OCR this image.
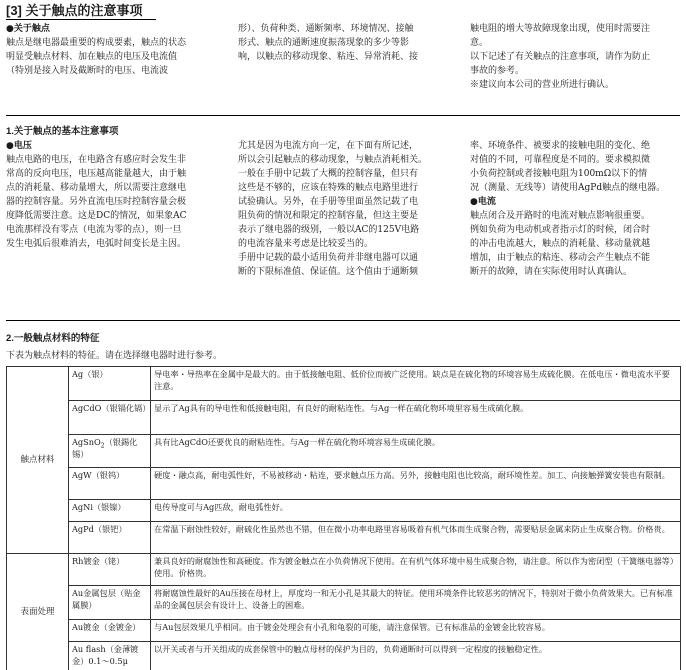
[3] 关于触点的注意事项

●关于触点

触点是继电器最重要的构成要素，触点的状态

明显受触点材料、加在触点的电压及电流值

（特别是接入时及截断时的电压、电流波

形）、负荷种类、通断频率、环境情况、接触

形式、触点的通断速度振荡现象的多少等影

响，以触点的移动现象、粘连、异常消耗、接

触电阻的增大等故障现象出现，使用时需要注

意。

以下记述了有关触点的注意事项，请作为防止

事故的参考。

※建议向本公司的营业所进行确认。

1.关于触点的基本注意事项

●电压

触点电路的电压，在电路含有感应时会发生非

常高的反向电压，电压越高能量越大，由于触

点的消耗量、移动量增大，所以需要注意继电

器的控制容量。另外直流电压时控制容量会极

度降低需要注意。这是DC的情况，如果象AC

电流那样没有零点（电流为零的点），则一旦

发生电弧后很难消去，电弧时间变长是主因。

尤其是因为电流方向一定，在下面有所记述，

所以会引起触点的移动现象，与触点消耗相关。

一般在手册中记载了大概的控制容量，但只有

这些是不够的，应该在特殊的触点电路里进行

试验确认。另外，在手册等里面虽然记载了电

阻负荷的情况和限定的控制容量，但这主要是

表示了继电器的级别，一般以AC的125V电路

的电流容量来考虑是比较妥当的。

手册中记载的最小适用负荷并非继电器可以通

断的下限标准值、保证值。这个值由于通断频

率、环境条件、被要求的接触电阻的变化、绝

对值的不同，可靠程度是不同的。要求模拟微

小负荷控制或者接触电阻为100mΩ以下的情

况（测量、无线等）请使用AgPd触点的继电器。

●电流

触点闭合及开路时的电流对触点影响很重要。

例如负荷为电动机或者指示灯的时候，闭合时

的冲击电流越大，触点的消耗量、移动量就越

增加，由于触点的粘连、移动会产生触点不能

断开的故障，请在实际使用时认真确认。

2.一般触点材料的特征
下表为触点材料的特征。请在选择继电器时进行参考。
触点材料	Ag（银）	导电率・导热率在金属中是最大的。由于低接触电阻、低价位而被广泛使用。缺点是在硫化物的环境容易生成硫化膜。在低电压・微电流水平要注意。
	AgCdO（银镉化镉）	显示了Ag具有的导电性和低接触电阻，有良好的耐粘连性。与Ag一样在硫化物环境里容易生成硫化膜。
	AgSnO$_2$（银錫化锡）	具有比AgCdO还要优良的耐粘连性。与Ag一样在硫化物环境容易生成硫化膜。
	AgW（银钨）	硬度・融点高，耐电弧性好，不易被移动・粘连，要求触点压力高。另外，接触电阻也比较高，耐环境性差。加工、向接触弹簧安装也有限制。
	AgNi（银镍）	电传导度可与Ag匹敌，耐电弧性好。
	AgPd（银钯）	在常温下耐蚀性较好，耐硫化性虽然也不错，但在微小功率电路里容易吸着有机气体而生成聚合物，需要贴层金属来防止生成聚合物。价格贵。
表面处理	Rh镀金（铑）	兼具良好的耐腐蚀性和高硬度。作为镀金触点在小负荷情况下使用。在有机气体环境中易生成聚合物，请注意。所以作为密闭型（干簧继电器等）使用。价格贵。
	Au金属包层（贴金属膜）	将耐腐蚀性最好的Au压接在母材上，厚度均一和无小孔是其最大的特征。使用环境条件比较恶劣的情况下，特别对于微小负荷效果大。已有标准品的金属包层会有设计上、设备上的困难。
	Au镀金（金镀金）	与Au包层效果几乎相同。由于镀金处理会有小孔和龟裂的可能，请注意保管。已有标准品的金镀金比较容易。
	Au flash（金薄镀金）0.1～0.5μ	以开关或者与开关组成的成套保管中的触点母材的保护为目的，负荷通断时可以得到一定程度的接触稳定性。
